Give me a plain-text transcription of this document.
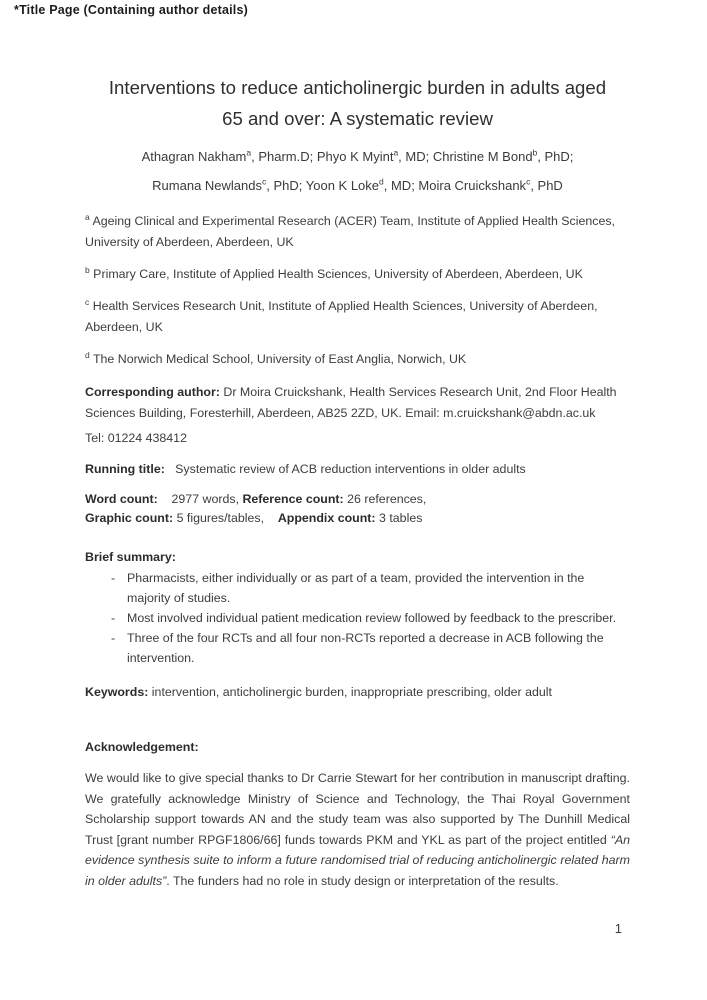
*Title Page (Containing author details)
Interventions to reduce anticholinergic burden in adults aged
65 and over: A systematic review
Athagran Nakham$^a$, Pharm.D; Phyo K Myint$^a$, MD; Christine M Bond$^b$, PhD;
Rumana Newlands$^c$, PhD; Yoon K Loke$^d$, MD; Moira Cruickshank$^c$, PhD

$^a$ Ageing Clinical and Experimental Research (ACER) Team, Institute of Applied Health Sciences, University of Aberdeen, Aberdeen, UK

$^b$ Primary Care, Institute of Applied Health Sciences, University of Aberdeen, Aberdeen, UK

$^c$ Health Services Research Unit, Institute of Applied Health Sciences, University of Aberdeen, Aberdeen, UK

$^d$ The Norwich Medical School, University of East Anglia, Norwich, UK

Corresponding author: Dr Moira Cruickshank, Health Services Research Unit, 2nd Floor Health Sciences Building, Foresterhill, Aberdeen, AB25 2ZD, UK. Email: m.cruickshank@abdn.ac.uk

Tel: 01224 438412

Running title:   Systematic review of ACB reduction interventions in older adults

Word count:    2977 words, Reference count: 26 references,
Graphic count: 5 figures/tables,    Appendix count: 3 tables

Brief summary:

- Pharmacists, either individually or as part of a team, provided the intervention in the majority of studies.
- Most involved individual patient medication review followed by feedback to the prescriber.
- Three of the four RCTs and all four non-RCTs reported a decrease in ACB following the intervention.

Keywords: intervention, anticholinergic burden, inappropriate prescribing, older adult

Acknowledgement:

We would like to give special thanks to Dr Carrie Stewart for her contribution in manuscript drafting. We gratefully acknowledge Ministry of Science and Technology, the Thai Royal Government Scholarship support towards AN and the study team was also supported by The Dunhill Medical Trust [grant number RPGF1806/66] funds towards PKM and YKL as part of the project entitled “An evidence synthesis suite to inform a future randomised trial of reducing anticholinergic related harm in older adults”. The funders had no role in study design or interpretation of the results.

1
